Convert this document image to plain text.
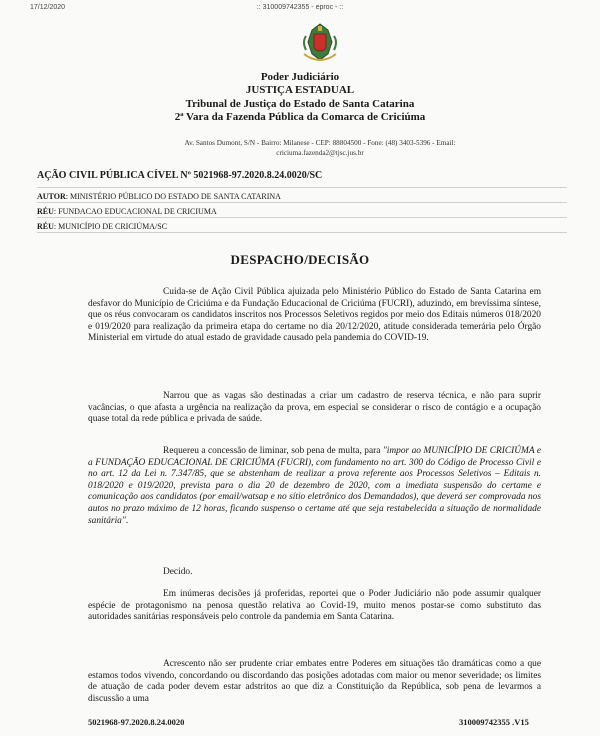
17/12/2020	:: 310009742355 - eproc - ::
Poder Judiciário
JUSTIÇA ESTADUAL
Tribunal de Justiça do Estado de Santa Catarina
2ª Vara da Fazenda Pública da Comarca de Criciúma
Av. Santos Dumont, S/N - Bairro: Milanese - CEP: 88804500 - Fone: (48) 3403-5396 - Email:
criciuma.fazenda2@tjsc.jus.br
AÇÃO CIVIL PÚBLICA CÍVEL Nº 5021968-97.2020.8.24.0020/SC
AUTOR: MINISTÉRIO PÚBLICO DO ESTADO DE SANTA CATARINA
RÉU: FUNDACAO EDUCACIONAL DE CRICIUMA
RÉU: MUNICÍPIO DE CRICIÚMA/SC
DESPACHO/DECISÃO
Cuida-se de Ação Civil Pública ajuizada pelo Ministério Público do Estado de Santa Catarina em desfavor do Município de Criciúma e da Fundação Educacional de Criciúma (FUCRI), aduzindo, em brevíssima síntese, que os réus convocaram os candidatos inscritos nos Processos Seletivos regidos por meio dos Editais números 018/2020 e 019/2020 para realização da primeira etapa do certame no dia 20/12/2020, atitude considerada temerária pelo Órgão Ministerial em virtude do atual estado de gravidade causado pela pandemia do COVID-19.
Narrou que as vagas são destinadas a criar um cadastro de reserva técnica, e não para suprir vacâncias, o que afasta a urgência na realização da prova, em especial se considerar o risco de contágio e a ocupação quase total da rede pública e privada de saúde.
Requereu a concessão de liminar, sob pena de multa, para "impor ao MUNICÍPIO DE CRICIÚMA e a FUNDAÇÃO EDUCACIONAL DE CRICIÚMA (FUCRI), com fundamento no art. 300 do Código de Processo Civil e no art. 12 da Lei n. 7.347/85, que se abstenham de realizar a prova referente aos Processos Seletivos – Editais n. 018/2020 e 019/2020, prevista para o dia 20 de dezembro de 2020, com a imediata suspensão do certame e comunicação aos candidatos (por email/watsap e no sítio eletrônico dos Demandados), que deverá ser comprovada nos autos no prazo máximo de 12 horas, ficando suspenso o certame até que seja restabelecida a situação de normalidade sanitária".
Decido.
Em inúmeras decisões já proferidas, reportei que o Poder Judiciário não pode assumir qualquer espécie de protagonismo na penosa questão relativa ao Covid-19, muito menos postar-se como substituto das autoridades sanitárias responsáveis pelo controle da pandemia em Santa Catarina.
Acrescento não ser prudente criar embates entre Poderes em situações tão dramáticas como a que estamos todos vivendo, concordando ou discordando das posições adotadas com maior ou menor severidade; os limites de atuação de cada poder devem estar adstritos ao que diz a Constituição da República, sob pena de levarmos a discussão a uma
5021968-97.2020.8.24.0020	310009742355 .V15
